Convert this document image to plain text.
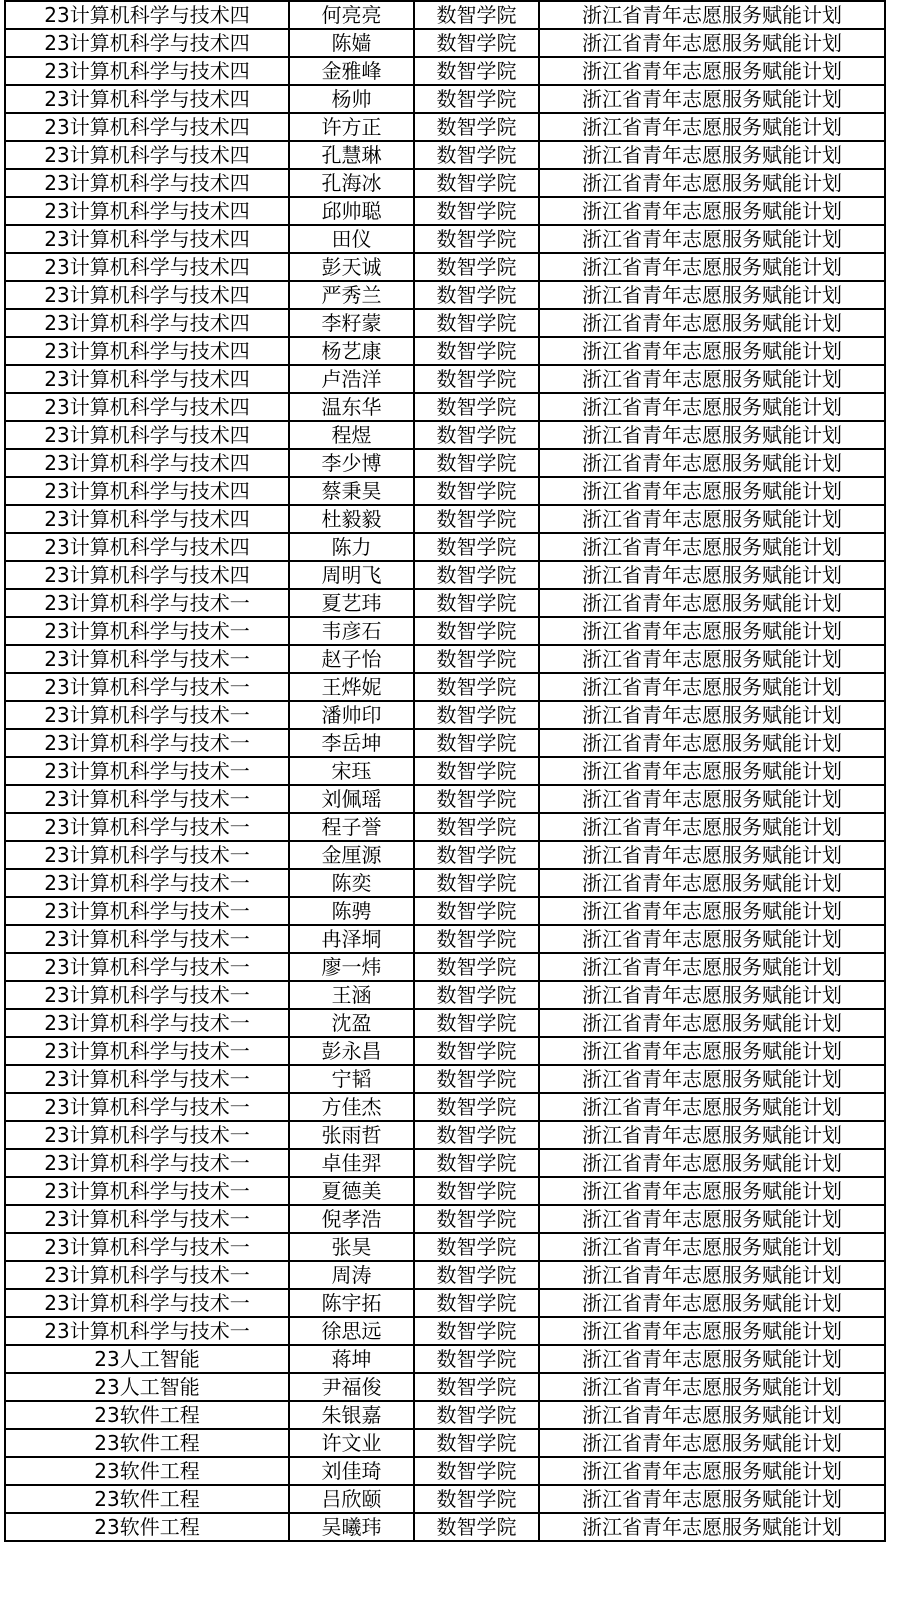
23计算机科学与技术四	何亮亮	数智学院	浙江省青年志愿服务赋能计划
23计算机科学与技术四	陈嫱	数智学院	浙江省青年志愿服务赋能计划
23计算机科学与技术四	金雅峰	数智学院	浙江省青年志愿服务赋能计划
23计算机科学与技术四	杨帅	数智学院	浙江省青年志愿服务赋能计划
23计算机科学与技术四	许方正	数智学院	浙江省青年志愿服务赋能计划
23计算机科学与技术四	孔慧琳	数智学院	浙江省青年志愿服务赋能计划
23计算机科学与技术四	孔海冰	数智学院	浙江省青年志愿服务赋能计划
23计算机科学与技术四	邱帅聪	数智学院	浙江省青年志愿服务赋能计划
23计算机科学与技术四	田仪	数智学院	浙江省青年志愿服务赋能计划
23计算机科学与技术四	彭天诚	数智学院	浙江省青年志愿服务赋能计划
23计算机科学与技术四	严秀兰	数智学院	浙江省青年志愿服务赋能计划
23计算机科学与技术四	李籽蒙	数智学院	浙江省青年志愿服务赋能计划
23计算机科学与技术四	杨艺康	数智学院	浙江省青年志愿服务赋能计划
23计算机科学与技术四	卢浩洋	数智学院	浙江省青年志愿服务赋能计划
23计算机科学与技术四	温东华	数智学院	浙江省青年志愿服务赋能计划
23计算机科学与技术四	程煜	数智学院	浙江省青年志愿服务赋能计划
23计算机科学与技术四	李少博	数智学院	浙江省青年志愿服务赋能计划
23计算机科学与技术四	蔡秉昊	数智学院	浙江省青年志愿服务赋能计划
23计算机科学与技术四	杜毅毅	数智学院	浙江省青年志愿服务赋能计划
23计算机科学与技术四	陈力	数智学院	浙江省青年志愿服务赋能计划
23计算机科学与技术四	周明飞	数智学院	浙江省青年志愿服务赋能计划
23计算机科学与技术一	夏艺玮	数智学院	浙江省青年志愿服务赋能计划
23计算机科学与技术一	韦彦石	数智学院	浙江省青年志愿服务赋能计划
23计算机科学与技术一	赵子怡	数智学院	浙江省青年志愿服务赋能计划
23计算机科学与技术一	王烨妮	数智学院	浙江省青年志愿服务赋能计划
23计算机科学与技术一	潘帅印	数智学院	浙江省青年志愿服务赋能计划
23计算机科学与技术一	李岳坤	数智学院	浙江省青年志愿服务赋能计划
23计算机科学与技术一	宋珏	数智学院	浙江省青年志愿服务赋能计划
23计算机科学与技术一	刘佩瑶	数智学院	浙江省青年志愿服务赋能计划
23计算机科学与技术一	程子誉	数智学院	浙江省青年志愿服务赋能计划
23计算机科学与技术一	金厘源	数智学院	浙江省青年志愿服务赋能计划
23计算机科学与技术一	陈奕	数智学院	浙江省青年志愿服务赋能计划
23计算机科学与技术一	陈骋	数智学院	浙江省青年志愿服务赋能计划
23计算机科学与技术一	冉泽垌	数智学院	浙江省青年志愿服务赋能计划
23计算机科学与技术一	廖一炜	数智学院	浙江省青年志愿服务赋能计划
23计算机科学与技术一	王涵	数智学院	浙江省青年志愿服务赋能计划
23计算机科学与技术一	沈盈	数智学院	浙江省青年志愿服务赋能计划
23计算机科学与技术一	彭永昌	数智学院	浙江省青年志愿服务赋能计划
23计算机科学与技术一	宁韬	数智学院	浙江省青年志愿服务赋能计划
23计算机科学与技术一	方佳杰	数智学院	浙江省青年志愿服务赋能计划
23计算机科学与技术一	张雨哲	数智学院	浙江省青年志愿服务赋能计划
23计算机科学与技术一	卓佳羿	数智学院	浙江省青年志愿服务赋能计划
23计算机科学与技术一	夏德美	数智学院	浙江省青年志愿服务赋能计划
23计算机科学与技术一	倪孝浩	数智学院	浙江省青年志愿服务赋能计划
23计算机科学与技术一	张昊	数智学院	浙江省青年志愿服务赋能计划
23计算机科学与技术一	周涛	数智学院	浙江省青年志愿服务赋能计划
23计算机科学与技术一	陈宇拓	数智学院	浙江省青年志愿服务赋能计划
23计算机科学与技术一	徐思远	数智学院	浙江省青年志愿服务赋能计划
23人工智能	蒋坤	数智学院	浙江省青年志愿服务赋能计划
23人工智能	尹福俊	数智学院	浙江省青年志愿服务赋能计划
23软件工程	朱银嘉	数智学院	浙江省青年志愿服务赋能计划
23软件工程	许文业	数智学院	浙江省青年志愿服务赋能计划
23软件工程	刘佳琦	数智学院	浙江省青年志愿服务赋能计划
23软件工程	吕欣颐	数智学院	浙江省青年志愿服务赋能计划
23软件工程	吴曦玮	数智学院	浙江省青年志愿服务赋能计划
